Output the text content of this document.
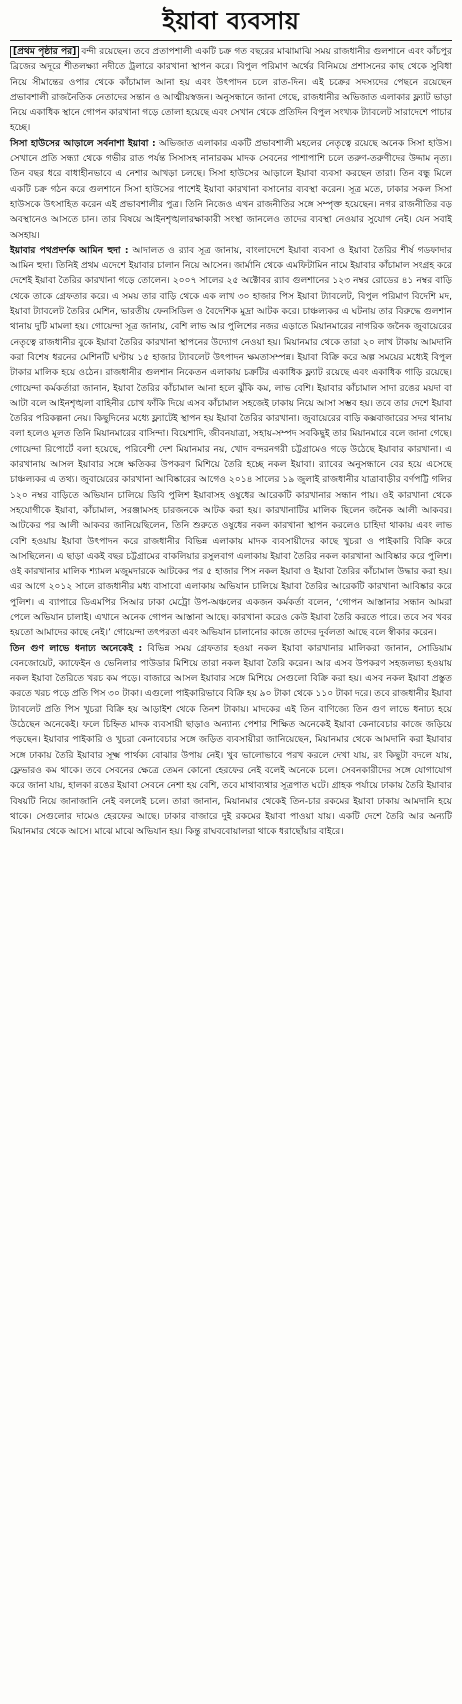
ইয়াবা ব্যবসায়

[প্রথম পৃষ্ঠার পর] বন্দী রয়েছেন। তবে প্রতাপশালী একটি চক্র গত বছরের মাঝামাঝি সময় রাজধানীর গুলশানে এবং কাঁচপুর ব্রিজের অদূরে শীতলক্ষ্যা নদীতে ট্রলারে কারখানা স্থাপন করে। বিপুল পরিমাণ অর্থের বিনিময়ে প্রশাসনের কাছ থেকে সুবিধা নিয়ে সীমান্তের ওপার থেকে কাঁচামাল আনা হয় এবং উৎপাদন চলে রাত-দিন। এই চক্রের সদস্যদের পেছনে রয়েছেন প্রভাবশালী রাজনৈতিক নেতাদের সন্তান ও আত্মীয়স্বজন। অনুসন্ধানে জানা গেছে, রাজধানীর অভিজাত এলাকার ফ্ল্যাট ভাড়া নিয়ে একাধিক স্থানে গোপন কারখানা গড়ে তোলা হয়েছে এবং সেখান থেকে প্রতিদিন বিপুল সংখ্যক ট্যাবলেট সারাদেশে পাচার হচ্ছে।

সিসা হাউসের আড়ালে সর্বনাশা ইয়াবা : অভিজাত এলাকার একটি প্রভাবশালী মহলের নেতৃত্বে রয়েছে অনেক সিসা হাউস। সেখানে প্রতি সন্ধ্যা থেকে গভীর রাত পর্যন্ত সিসাসহ নানারকম মাদক সেবনের পাশাপাশি চলে তরুণ-তরুণীদের উদ্দাম নৃত্য। তিন বছর ধরে বাধাহীনভাবে এ নেশার আখড়া চলছে। সিসা হাউসের আড়ালে ইয়াবা ব্যবসা করছেন তারা। তিন বন্ধু মিলে একটি চক্র গঠন করে গুলশানে সিসা হাউসের পাশেই ইয়াবা কারখানা বসানোর ব্যবস্থা করেন। সূত্র মতে, ঢাকার সকল সিসা হাউসকে উৎসাহিত করেন এই প্রভাবশালীর পুত্র। তিনি নিজেও এখন রাজনীতির সঙ্গে সম্পৃক্ত হয়েছেন। নগর রাজনীতির বড় অবস্থানেও আসতে চান। তার বিষয়ে আইনশৃঙ্খলারক্ষাকারী সংস্থা জানলেও তাদের ব্যবস্থা নেওয়ার সুযোগ নেই। যেন সবাই অসহায়।

ইয়াবার পথপ্রদর্শক আমিন হুদা : আদালত ও র‌্যাব সূত্র জানায়, বাংলাদেশে ইয়াবা ব্যবসা ও ইয়াবা তৈরির শীর্ষ গডফাদার আমিন হুদা। তিনিই প্রথম এদেশে ইয়াবার চালান নিয়ে আসেন। জার্মানি থেকে এমফিটামিন নামে ইয়াবার কাঁচামাল সংগ্রহ করে দেশেই ইয়াবা তৈরির কারখানা গড়ে তোলেন। ২০০৭ সালের ২৫ অক্টোবর র‌্যাব গুলশানের ১২৩ নম্বর রোডের ৪১ নম্বর বাড়ি থেকে তাকে গ্রেফতার করে। এ সময় তার বাড়ি থেকে এক লাখ ৩০ হাজার পিস ইয়াবা ট্যাবলেট, বিপুল পরিমাণ বিদেশি মদ, ইয়াবা ট্যাবলেট তৈরির মেশিন, ভারতীয় ফেনসিডিল ও বৈদেশিক মুদ্রা আটক করে। চাঞ্চল্যকর এ ঘটনায় তার বিরুদ্ধে গুলশান থানায় দুটি মামলা হয়। গোয়েন্দা সূত্র জানায়, বেশি লাভ আর পুলিশের নজর এড়াতে মিয়ানমারের নাগরিক জনৈক জুবায়েরের নেতৃত্বে রাজধানীর বুকে ইয়াবা তৈরির কারখানা স্থাপনের উদ্যোগ নেওয়া হয়। মিয়ানমার থেকে তারা ২০ লাখ টাকায় আমদানি করা বিশেষ ধরনের মেশিনটি ঘণ্টায় ১৫ হাজার ট্যাবলেট উৎপাদন ক্ষমতাসম্পন্ন। ইয়াবা বিক্রি করে অল্প সময়ের মধ্যেই বিপুল টাকার মালিক হয়ে ওঠেন। রাজধানীর গুলশান নিকেতন এলাকায় চক্রটির একাধিক ফ্ল্যাট রয়েছে এবং একাধিক গাড়ি রয়েছে। গোয়েন্দা কর্মকর্তারা জানান, ইয়াবা তৈরির কাঁচামাল আনা হলে ঝুঁকি কম, লাভ বেশি। ইয়াবার কাঁচামাল সাদা রঙের ময়দা বা আটা বলে আইনশৃঙ্খলা বাহিনীর চোখ ফাঁকি দিয়ে এসব কাঁচামাল সহজেই ঢাকায় নিয়ে আসা সম্ভব হয়। তবে তার দেশে ইয়াবা তৈরির পরিকল্পনা নেয়। কিছুদিনের মধ্যে ফ্ল্যাটেই স্থাপন হয় ইয়াবা তৈরির কারখানা। জুবায়েরের বাড়ি কক্সবাজারের সদর থানায় বলা হলেও মূলত তিনি মিয়ানমারের বাসিন্দা। বিয়েশাদি, জীবনযাত্রা, সহায়-সম্পদ সবকিছুই তার মিয়ানমারে বলে জানা গেছে। গোয়েন্দা রিপোর্টে বলা হয়েছে, পরিবেশী দেশ মিয়ানমার নয়, খোদ বন্দরনগরী চট্টগ্রামেও গড়ে উঠেছে ইয়াবার কারখানা। এ কারখানায় আসল ইয়াবার সঙ্গে ক্ষতিকর উপকরণ মিশিয়ে তৈরি হচ্ছে নকল ইয়াবা। র‌্যাবের অনুসন্ধানে বের হয়ে এসেছে চাঞ্চল্যকর এ তথ্য। জুবায়েরের কারখানা আবিষ্কারের আগেও ২০১৪ সালের ১৯ জুলাই রাজধানীর যাত্রাবাড়ীর বর্ণপট্টি গলির ১২০ নম্বর বাড়িতে অভিযান চালিয়ে ডিবি পুলিশ ইয়াবাসহ ওষুধের আরেকটি কারখানার সন্ধান পায়। ওই কারখানা থেকে সহযোগীকে ইয়াবা, কাঁচামাল, সরঞ্জামসহ চারজনকে আটক করা হয়। কারখানাটির মালিক ছিলেন জনৈক আলী আকবর। আটকের পর আলী আকবর জানিয়েছিলেন, তিনি শুরুতে ওষুধের নকল কারখানা স্থাপন করলেও চাহিদা থাকায় এবং লাভ বেশি হওয়ায় ইয়াবা উৎপাদন করে রাজধানীর বিভিন্ন এলাকায় মাদক ব্যবসায়ীদের কাছে খুচরা ও পাইকারি বিক্রি করে আসছিলেন। এ ছাড়া একই বছর চট্টগ্রামের বাকলিয়ার রসুলবাগ এলাকায় ইয়াবা তৈরির নকল কারখানা আবিষ্কার করে পুলিশ। ওই কারখানার মালিক শ্যামল মজুমদারকে আটকের পর ৫ হাজার পিস নকল ইয়াবা ও ইয়াবা তৈরির কাঁচামাল উদ্ধার করা হয়। এর আগে ২০১২ সালে রাজধানীর মধ্য বাসাবো এলাকায় অভিযান চালিয়ে ইয়াবা তৈরির আরেকটি কারখানা আবিষ্কার করে পুলিশ। এ ব্যাপারে ডিএমপির সিআর ঢাকা মেট্রো উপ-অঞ্চলের একজন কর্মকর্তা বলেন, ‘গোপন আস্তানার সন্ধান আমরা পেলে অভিযান চালাই। এখানে অনেক গোপন আস্তানা আছে। কারখানা করেও কেউ ইয়াবা তৈরি করতে পারে। তবে সব খবর হয়তো আমাদের কাছে নেই।’ গোয়েন্দা তৎপরতা এবং অভিযান চালানোর কাজে তাদের দুর্বলতা আছে বলে স্বীকার করেন।

তিন গুণ লাভে ধনাঢ্য অনেকেই : বিভিন্ন সময় গ্রেফতার হওয়া নকল ইয়াবা কারখানার মালিকরা জানান, সোডিয়াম বেনজোয়েট, ক্যাফেইন ও ভেনিলার পাউডার মিশিয়ে তারা নকল ইয়াবা তৈরি করেন। আর এসব উপকরণ সহজলভ্য হওয়ায় নকল ইয়াবা তৈরিতে খরচ কম পড়ে। বাজারে আসল ইয়াবার সঙ্গে মিশিয়ে সেগুলো বিক্রি করা হয়। এসব নকল ইয়াবা প্রস্তুত করতে খরচ পড়ে প্রতি পিস ৩০ টাকা। এগুলো পাইকারিভাবে বিক্রি হয় ৯০ টাকা থেকে ১১০ টাকা দরে। তবে রাজধানীর ইয়াবা ট্যাবলেট প্রতি পিস খুচরা বিক্রি হয় আড়াইশ থেকে তিনশ টাকায়। মাদকের এই তিন বাণিজ্যে তিন গুণ লাভে ধনাঢ্য হয়ে উঠেছেন অনেকেই। ফলে চিহ্নিত মাদক ব্যবসায়ী ছাড়াও অন্যান্য পেশার শিক্ষিত অনেকেই ইয়াবা কেনাবেচার কাজে জড়িয়ে পড়ছেন। ইয়াবার পাইকারি ও খুচরা কেনাবেচার সঙ্গে জড়িত ব্যবসায়ীরা জানিয়েছেন, মিয়ানমার থেকে আমদানি করা ইয়াবার সঙ্গে ঢাকায় তৈরি ইয়াবার সূক্ষ্ম পার্থক্য বোঝার উপায় নেই। খুব ভালোভাবে পরখ করলে দেখা যায়, রং কিছুটা বদলে যায়, ফ্লেভারও কম থাকে। তবে সেবনের ক্ষেত্রে তেমন কোনো হেরফের নেই বলেই অনেকে চলে। সেবনকারীদের সঙ্গে যোগাযোগ করে জানা যায়, হালকা রঙের ইয়াবা সেবনে নেশা হয় বেশি, তবে মাথাব্যথার সূত্রপাত ঘটে। গ্রাহক পর্যায়ে ঢাকায় তৈরি ইয়াবার বিষয়টি নিয়ে জানাজানি নেই বললেই চলে। তারা জানান, মিয়ানমার থেকেই তিন-চার রকমের ইয়াবা ঢাকায় আমদানি হয়ে থাকে। সেগুলোর দামেও হেরফের আছে। ঢাকার বাজারে দুই রকমের ইয়াবা পাওয়া যায়। একটি দেশে তৈরি আর অন্যটি মিয়ানমার থেকে আসে। মাঝে মাঝে অভিযান হয়। কিন্তু রাঘববোয়ালরা থাকে ধরাছোঁয়ার বাইরে।
